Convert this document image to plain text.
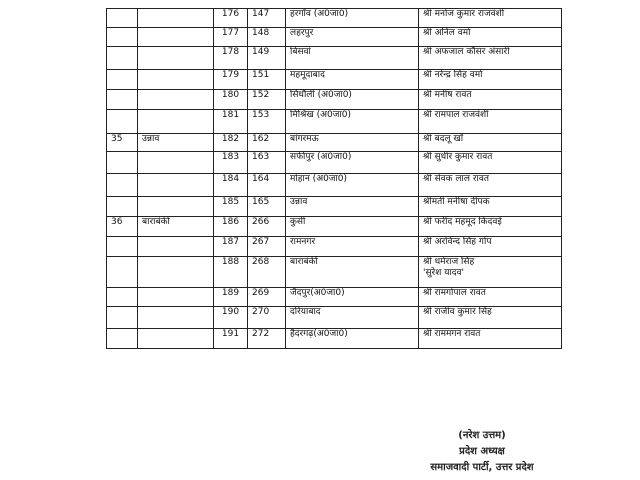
		176	147	हरगाँव (अ0जा0)	श्री मनोज कुमार राजवंशी

		177	148	लहरपुर	श्री अनिल वर्मा

		178	149	बिसवां	श्री अफजाल कौसर अंसारी

		179	151	महमूदाबाद	श्री नरेन्द्र सिंह वर्मा

		180	152	सिधौली (अ0जा0)	श्री मनीष रावत

		181	153	मिश्रिख (अ0जा0)	श्री रामपाल राजवंशी

35	उन्नाव	182	162	बांगरमऊ	श्री बदलू खाँ

		183	163	सफीपुर (अ0जा0)	श्री सुधीर कुमार रावत

		184	164	मोहान (अ0जा0)	श्री सेवक लाल रावत

		185	165	उन्नाव	श्रीमती मनीषा दीपक

36	बाराबंकी	186	266	कुर्सी	श्री फरीद महमूद किदवई

		187	267	रामनगर	श्री अरविन्द सिंह गोप

		188	268	बाराबंकी	श्री धर्मराज सिंह
'सुरेश यादव'

		189	269	जैदपुर(अ0जा0)	श्री रामगोपाल रावत

		190	270	दरियाबाद	श्री राजीव कुमार सिंह

		191	272	हैदरगढ़(अ0जा0)	श्री राममगन रावत
(नरेश उत्तम)
प्रदेश अध्यक्ष
समाजवादी पार्टी, उत्तर प्रदेश
